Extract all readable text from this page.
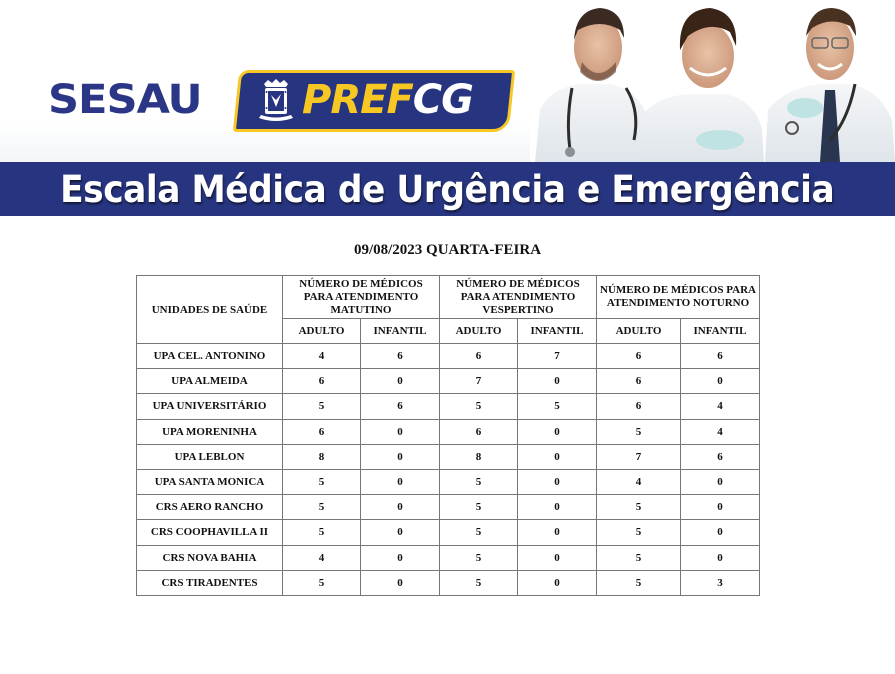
SESAU	PREFCG
Escala Médica de Urgência e Emergência
09/08/2023 QUARTA-FEIRA
UNIDADES DE SAÚDE	NÚMERO DE MÉDICOS PARA ATENDIMENTO MATUTINO		NÚMERO DE MÉDICOS PARA ATENDIMENTO VESPERTINO		NÚMERO DE MÉDICOS PARA ATENDIMENTO NOTURNO	
	ADULTO	INFANTIL	ADULTO	INFANTIL	ADULTO	INFANTIL
UPA CEL. ANTONINO	4	6	6	7	6	6
UPA ALMEIDA	6	0	7	0	6	0
UPA UNIVERSITÁRIO	5	6	5	5	6	4
UPA MORENINHA	6	0	6	0	5	4
UPA LEBLON	8	0	8	0	7	6
UPA SANTA MONICA	5	0	5	0	4	0
CRS AERO RANCHO	5	0	5	0	5	0
CRS COOPHAVILLA II	5	0	5	0	5	0
CRS NOVA BAHIA	4	0	5	0	5	0
CRS TIRADENTES	5	0	5	0	5	3
